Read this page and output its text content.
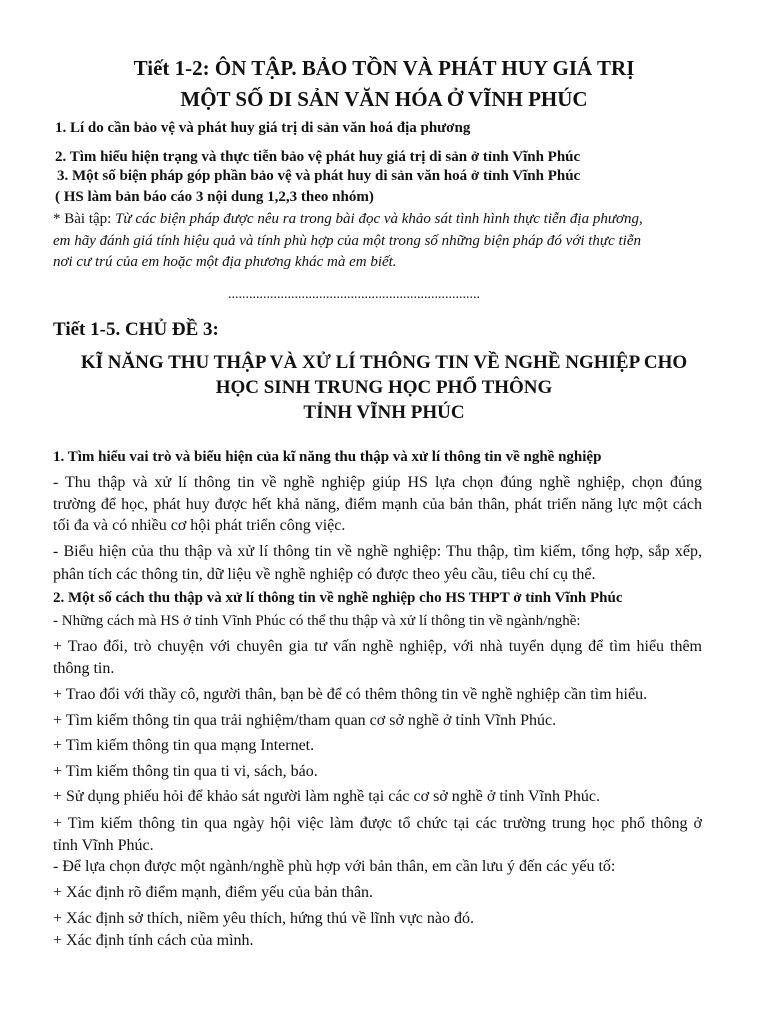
Tiết 1-2: ÔN TẬP. BẢO TỒN VÀ PHÁT HUY GIÁ TRỊ
MỘT SỐ DI SẢN VĂN HÓA Ở VĨNH PHÚC
1. Lí do cần bảo vệ và phát huy giá trị di sản văn hoá địa phương
2. Tìm hiểu hiện trạng và thực tiễn bảo vệ phát huy giá trị di sản ở tỉnh Vĩnh Phúc
3. Một số biện pháp góp phần bảo vệ và phát huy di sản văn hoá ở tỉnh Vĩnh Phúc
( HS làm bản báo cáo 3 nội dung 1,2,3 theo nhóm)
* Bài tập: Từ các biện pháp được nêu ra trong bài đọc và khảo sát tình hình thực tiễn địa phương,
em hãy đánh giá tính hiệu quả và tính phù hợp của một trong số những biện pháp đó với thực tiễn
nơi cư trú của em hoặc một địa phương khác mà em biết.
........................................................................
Tiết 1-5. CHỦ ĐỀ 3:
KĨ NĂNG THU THẬP VÀ XỬ LÍ THÔNG TIN VỀ NGHỀ NGHIỆP CHO
HỌC SINH TRUNG HỌC PHỔ THÔNG
TỈNH VĨNH PHÚC
1. Tìm hiểu vai trò và biểu hiện của kĩ năng thu thập và xử lí thông tin về nghề nghiệp
- Thu thập và xử lí thông tin về nghề nghiệp giúp HS lựa chọn đúng nghề nghiệp, chọn đúng
trường để học, phát huy được hết khả năng, điểm mạnh của bản thân, phát triển năng lực một cách
tối đa và có nhiều cơ hội phát triển công việc.
- Biểu hiện của thu thập và xử lí thông tin về nghề nghiệp: Thu thập, tìm kiếm, tổng hợp, sắp xếp,
phân tích các thông tin, dữ liệu về nghề nghiệp có được theo yêu cầu, tiêu chí cụ thể.
2. Một số cách thu thập và xử lí thông tin về nghề nghiệp cho HS THPT ở tỉnh Vĩnh Phúc
- Những cách mà HS ở tỉnh Vĩnh Phúc có thể thu thập và xử lí thông tin về ngành/nghề:
+ Trao đổi, trò chuyện với chuyên gia tư vấn nghề nghiệp, với nhà tuyển dụng để tìm hiểu thêm
thông tin.
+ Trao đổi với thầy cô, người thân, bạn bè để có thêm thông tin về nghề nghiệp cần tìm hiểu.
+ Tìm kiếm thông tin qua trải nghiệm/tham quan cơ sở nghề ở tỉnh Vĩnh Phúc.
+ Tìm kiếm thông tin qua mạng Internet.
+ Tìm kiếm thông tin qua ti vi, sách, báo.
+ Sử dụng phiếu hỏi để khảo sát người làm nghề tại các cơ sở nghề ở tỉnh Vĩnh Phúc.
+ Tìm kiếm thông tin qua ngày hội việc làm được tổ chức tại các trường trung học phổ thông ở
tỉnh Vĩnh Phúc.
- Để lựa chọn được một ngành/nghề phù hợp với bản thân, em cần lưu ý đến các yếu tố:
+ Xác định rõ điểm mạnh, điểm yếu của bản thân.
+ Xác định sở thích, niềm yêu thích, hứng thú về lĩnh vực nào đó.
+ Xác định tính cách của mình.
